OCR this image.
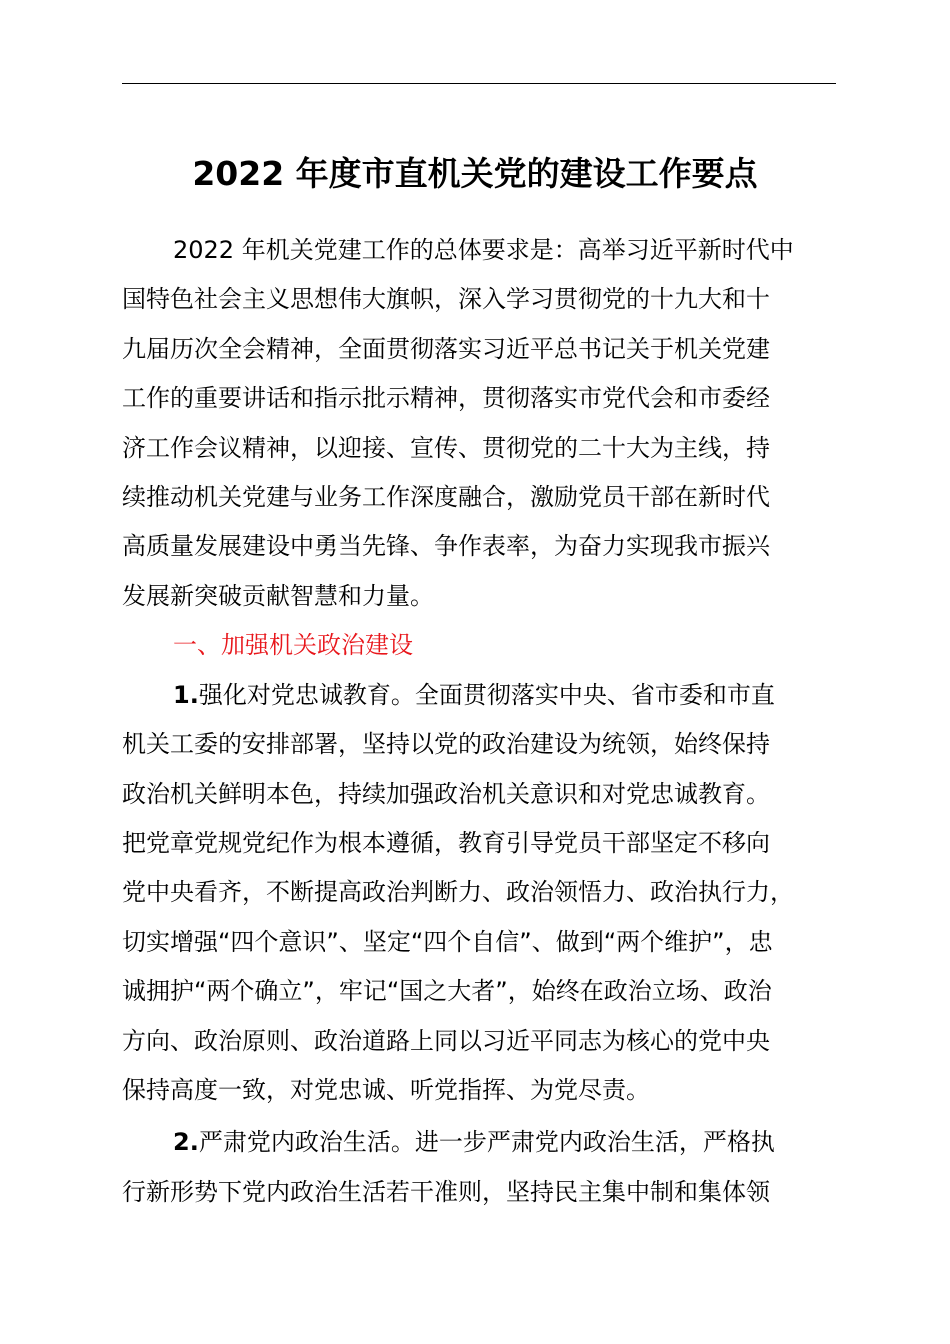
2022 年度市直机关党的建设工作要点
2022 年机关党建工作的总体要求是：高举习近平新时代中
国特色社会主义思想伟大旗帜，深入学习贯彻党的十九大和十
九届历次全会精神，全面贯彻落实习近平总书记关于机关党建
工作的重要讲话和指示批示精神，贯彻落实市党代会和市委经
济工作会议精神，以迎接、宣传、贯彻党的二十大为主线，持
续推动机关党建与业务工作深度融合，激励党员干部在新时代
高质量发展建设中勇当先锋、争作表率，为奋力实现我市振兴
发展新突破贡献智慧和力量。
一、加强机关政治建设
1.强化对党忠诚教育。全面贯彻落实中央、省市委和市直
机关工委的安排部署，坚持以党的政治建设为统领，始终保持
政治机关鲜明本色，持续加强政治机关意识和对党忠诚教育。
把党章党规党纪作为根本遵循，教育引导党员干部坚定不移向
党中央看齐，不断提高政治判断力、政治领悟力、政治执行力，
切实增强“四个意识”、坚定“四个自信”、做到“两个维护”，忠
诚拥护“两个确立”，牢记“国之大者”，始终在政治立场、政治
方向、政治原则、政治道路上同以习近平同志为核心的党中央
保持高度一致，对党忠诚、听党指挥、为党尽责。
2.严肃党内政治生活。进一步严肃党内政治生活，严格执
行新形势下党内政治生活若干准则，坚持民主集中制和集体领
